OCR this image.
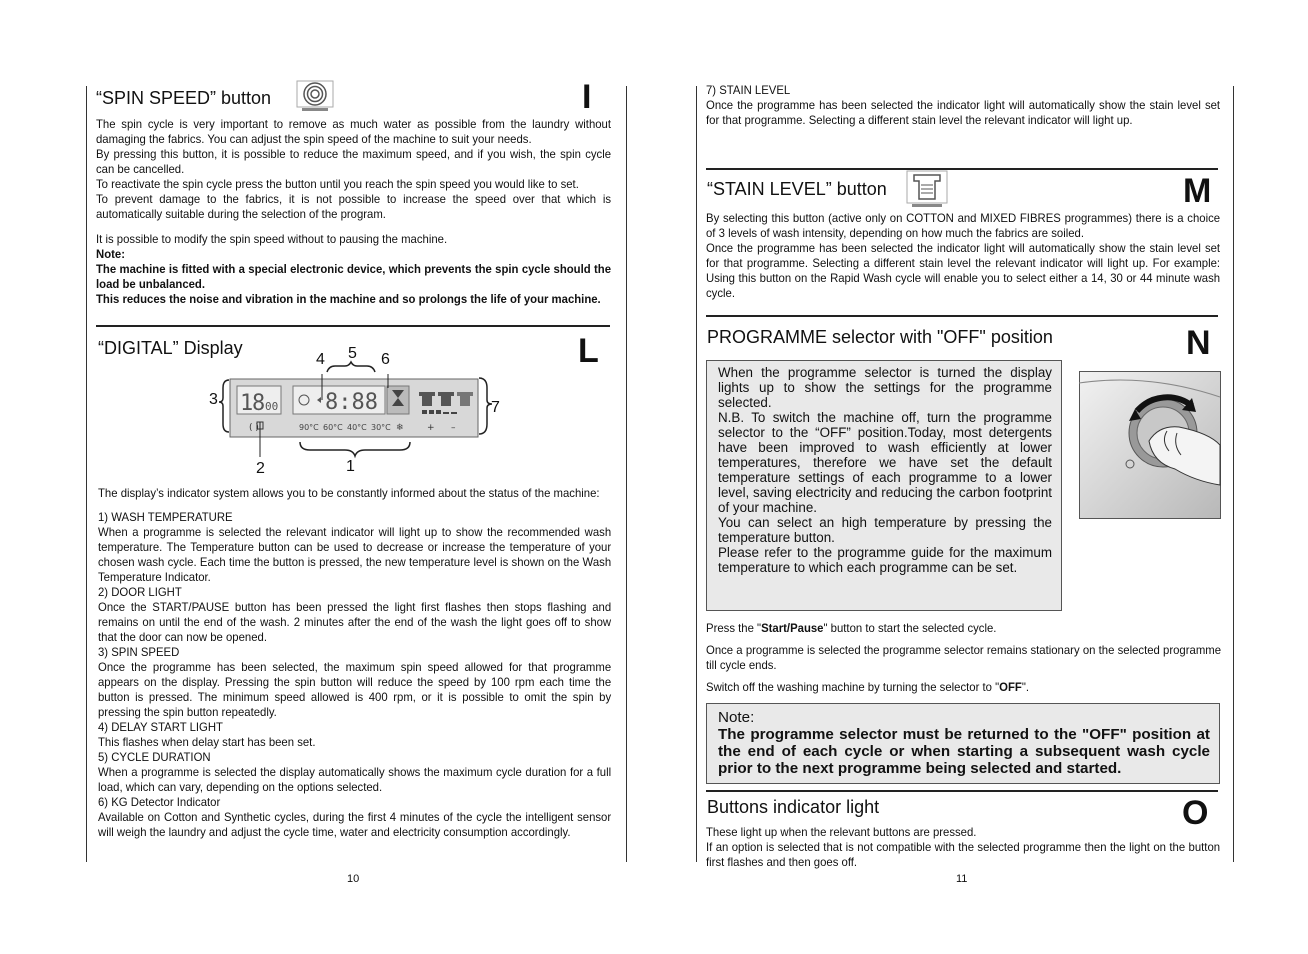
“SPIN SPEED” button	I

The spin cycle is very important to remove as much water as possible from the laundry without damaging the fabrics. You can adjust the spin speed of the machine to suit your needs.

By pressing this button, it is possible to reduce the maximum speed, and if you wish, the spin cycle can be cancelled.

To reactivate the spin cycle press the button until you reach the spin speed you would like to set.

To prevent damage to the fabrics, it is not possible to increase the speed over that which is automatically suitable during the selection of the program.

It is possible to modify the spin speed without to pausing the machine.

Note:

The machine is fitted with a special electronic device, which prevents the spin cycle should the load be unbalanced.

This reduces the noise and vibration in the machine and so prolongs the life of your machine.

“DIGITAL” Display	L
1
8 00 8:88
( )	90°C 60°C 40°C 30°C ❄	+ –
4 5 6
3	7
2	1

The display’s indicator system allows you to be constantly informed about the status of the machine:

1) WASH TEMPERATURE

When a programme is selected the relevant indicator will light up to show the recommended wash temperature. The Temperature button can be used to decrease or increase the temperature of your chosen wash cycle. Each time the button is pressed, the new temperature level is shown on the Wash Temperature Indicator.

2) DOOR LIGHT

Once the START/PAUSE button has been pressed the light first flashes then stops flashing and remains on until the end of the wash. 2 minutes after the end of the wash the light goes off to show that the door can now be opened.

3) SPIN SPEED

Once the programme has been selected, the maximum spin speed allowed for that programme appears on the display. Pressing the spin button will reduce the speed by 100 rpm each time the button is pressed. The minimum speed allowed is 400 rpm, or it is possible to omit the spin by pressing the spin button repeatedly.

4) DELAY START LIGHT

This flashes when delay start has been set.

5) CYCLE DURATION

When a programme is selected the display automatically shows the maximum cycle duration for a full load, which can vary, depending on the options selected.

6) KG Detector Indicator

Available on Cotton and Synthetic cycles, during the first 4 minutes of the cycle the intelligent sensor will weigh the laundry and adjust the cycle time, water and electricity consumption accordingly.

10

7) STAIN LEVEL

Once the programme has been selected the indicator light will automatically show the stain level set for that programme. Selecting a different stain level the relevant indicator will light up.

“STAIN LEVEL” button	M

By selecting this button (active only on COTTON and MIXED FIBRES programmes) there is a choice of 3 levels of wash intensity, depending on how much the fabrics are soiled.

Once the programme has been selected the indicator light will automatically show the stain level set for that programme. Selecting a different stain level the relevant indicator will light up. For example: Using this button on the Rapid Wash cycle will enable you to select either a 14, 30 or 44 minute wash cycle.

PROGRAMME selector with "OFF" position	N

When the programme selector is turned the display lights up to show the settings for the programme selected.

N.B. To switch the machine off, turn the programme selector to the “OFF” position.Today, most detergents have been improved to wash efficiently at lower temperatures, therefore we have set the default temperature settings of each programme to a lower level, saving electricity and reducing the carbon footprint of your machine.

You can select an high temperature by pressing the temperature button.

Please refer to the programme guide for the maximum temperature to which each programme can be set.

Press the "Start/Pause" button to start the selected cycle.

Once a programme is selected the programme selector remains stationary on the selected programme till cycle ends.

Switch off the washing machine by turning the selector to "OFF".

Note:

The programme selector must be returned to the "OFF" position at the end of each cycle or when starting a subsequent wash cycle prior to the next programme being selected and started.

Buttons indicator light	O

These light up when the relevant buttons are pressed.

If an option is selected that is not compatible with the selected programme then the light on the button first flashes and then goes off.

11
